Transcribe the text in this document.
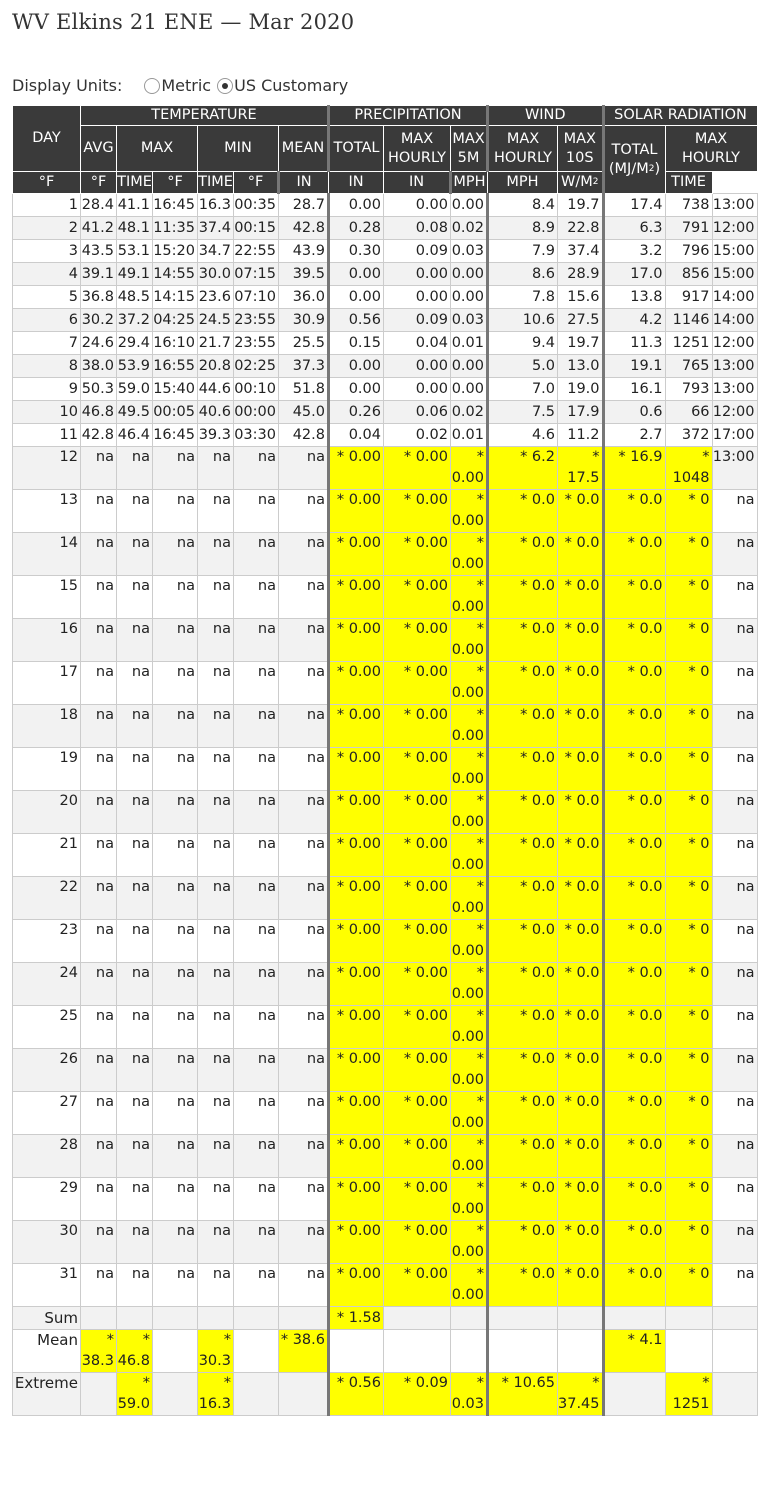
WV Elkins 21 ENE — Mar 2020
Display Units: Metric US Customary
DAY	TEMPERATURE						PRECIPITATION			WIND		SOLAR RADIATION		
	AVG	MAX		MIN		MEAN	TOTAL	MAX HOURLY	MAX 5M	MAX HOURLY	MAX 10S	TOTAL $(MJ/M^2)$	MAX HOURLY	
°F	°F	TIME	°F	TIME	°F	IN	IN	IN	MPH	MPH	$W/M^2$		TIME	
1	28.4	41.1	16:45	16.3	00:35	28.7	0.00	0.00	0.00	8.4	19.7	17.4	738	13:00
2	41.2	48.1	11:35	37.4	00:15	42.8	0.28	0.08	0.02	8.9	22.8	6.3	791	12:00
3	43.5	53.1	15:20	34.7	22:55	43.9	0.30	0.09	0.03	7.9	37.4	3.2	796	15:00
4	39.1	49.1	14:55	30.0	07:15	39.5	0.00	0.00	0.00	8.6	28.9	17.0	856	15:00
5	36.8	48.5	14:15	23.6	07:10	36.0	0.00	0.00	0.00	7.8	15.6	13.8	917	14:00
6	30.2	37.2	04:25	24.5	23:55	30.9	0.56	0.09	0.03	10.6	27.5	4.2	1146	14:00
7	24.6	29.4	16:10	21.7	23:55	25.5	0.15	0.04	0.01	9.4	19.7	11.3	1251	12:00
8	38.0	53.9	16:55	20.8	02:25	37.3	0.00	0.00	0.00	5.0	13.0	19.1	765	13:00
9	50.3	59.0	15:40	44.6	00:10	51.8	0.00	0.00	0.00	7.0	19.0	16.1	793	13:00
10	46.8	49.5	00:05	40.6	00:00	45.0	0.26	0.06	0.02	7.5	17.9	0.6	66	12:00
11	42.8	46.4	16:45	39.3	03:30	42.8	0.04	0.02	0.01	4.6	11.2	2.7	372	17:00
12	na	na	na	na	na	na	* 0.00	* 0.00	* 0.00	* 6.2	* 17.5	* 16.9	* 1048	13:00
13	na	na	na	na	na	na	* 0.00	* 0.00	* 0.00	* 0.0	* 0.0	* 0.0	* 0	na
14	na	na	na	na	na	na	* 0.00	* 0.00	* 0.00	* 0.0	* 0.0	* 0.0	* 0	na
15	na	na	na	na	na	na	* 0.00	* 0.00	* 0.00	* 0.0	* 0.0	* 0.0	* 0	na
16	na	na	na	na	na	na	* 0.00	* 0.00	* 0.00	* 0.0	* 0.0	* 0.0	* 0	na
17	na	na	na	na	na	na	* 0.00	* 0.00	* 0.00	* 0.0	* 0.0	* 0.0	* 0	na
18	na	na	na	na	na	na	* 0.00	* 0.00	* 0.00	* 0.0	* 0.0	* 0.0	* 0	na
19	na	na	na	na	na	na	* 0.00	* 0.00	* 0.00	* 0.0	* 0.0	* 0.0	* 0	na
20	na	na	na	na	na	na	* 0.00	* 0.00	* 0.00	* 0.0	* 0.0	* 0.0	* 0	na
21	na	na	na	na	na	na	* 0.00	* 0.00	* 0.00	* 0.0	* 0.0	* 0.0	* 0	na
22	na	na	na	na	na	na	* 0.00	* 0.00	* 0.00	* 0.0	* 0.0	* 0.0	* 0	na
23	na	na	na	na	na	na	* 0.00	* 0.00	* 0.00	* 0.0	* 0.0	* 0.0	* 0	na
24	na	na	na	na	na	na	* 0.00	* 0.00	* 0.00	* 0.0	* 0.0	* 0.0	* 0	na
25	na	na	na	na	na	na	* 0.00	* 0.00	* 0.00	* 0.0	* 0.0	* 0.0	* 0	na
26	na	na	na	na	na	na	* 0.00	* 0.00	* 0.00	* 0.0	* 0.0	* 0.0	* 0	na
27	na	na	na	na	na	na	* 0.00	* 0.00	* 0.00	* 0.0	* 0.0	* 0.0	* 0	na
28	na	na	na	na	na	na	* 0.00	* 0.00	* 0.00	* 0.0	* 0.0	* 0.0	* 0	na
29	na	na	na	na	na	na	* 0.00	* 0.00	* 0.00	* 0.0	* 0.0	* 0.0	* 0	na
30	na	na	na	na	na	na	* 0.00	* 0.00	* 0.00	* 0.0	* 0.0	* 0.0	* 0	na
31	na	na	na	na	na	na	* 0.00	* 0.00	* 0.00	* 0.0	* 0.0	* 0.0	* 0	na
Sum							* 1.58							
Mean	* 38.3	* 46.8		* 30.3		* 38.6						* 4.1		
Extreme		* 59.0		* 16.3			* 0.56	* 0.09	* 0.03	* 10.65	* 37.45		* 1251	
